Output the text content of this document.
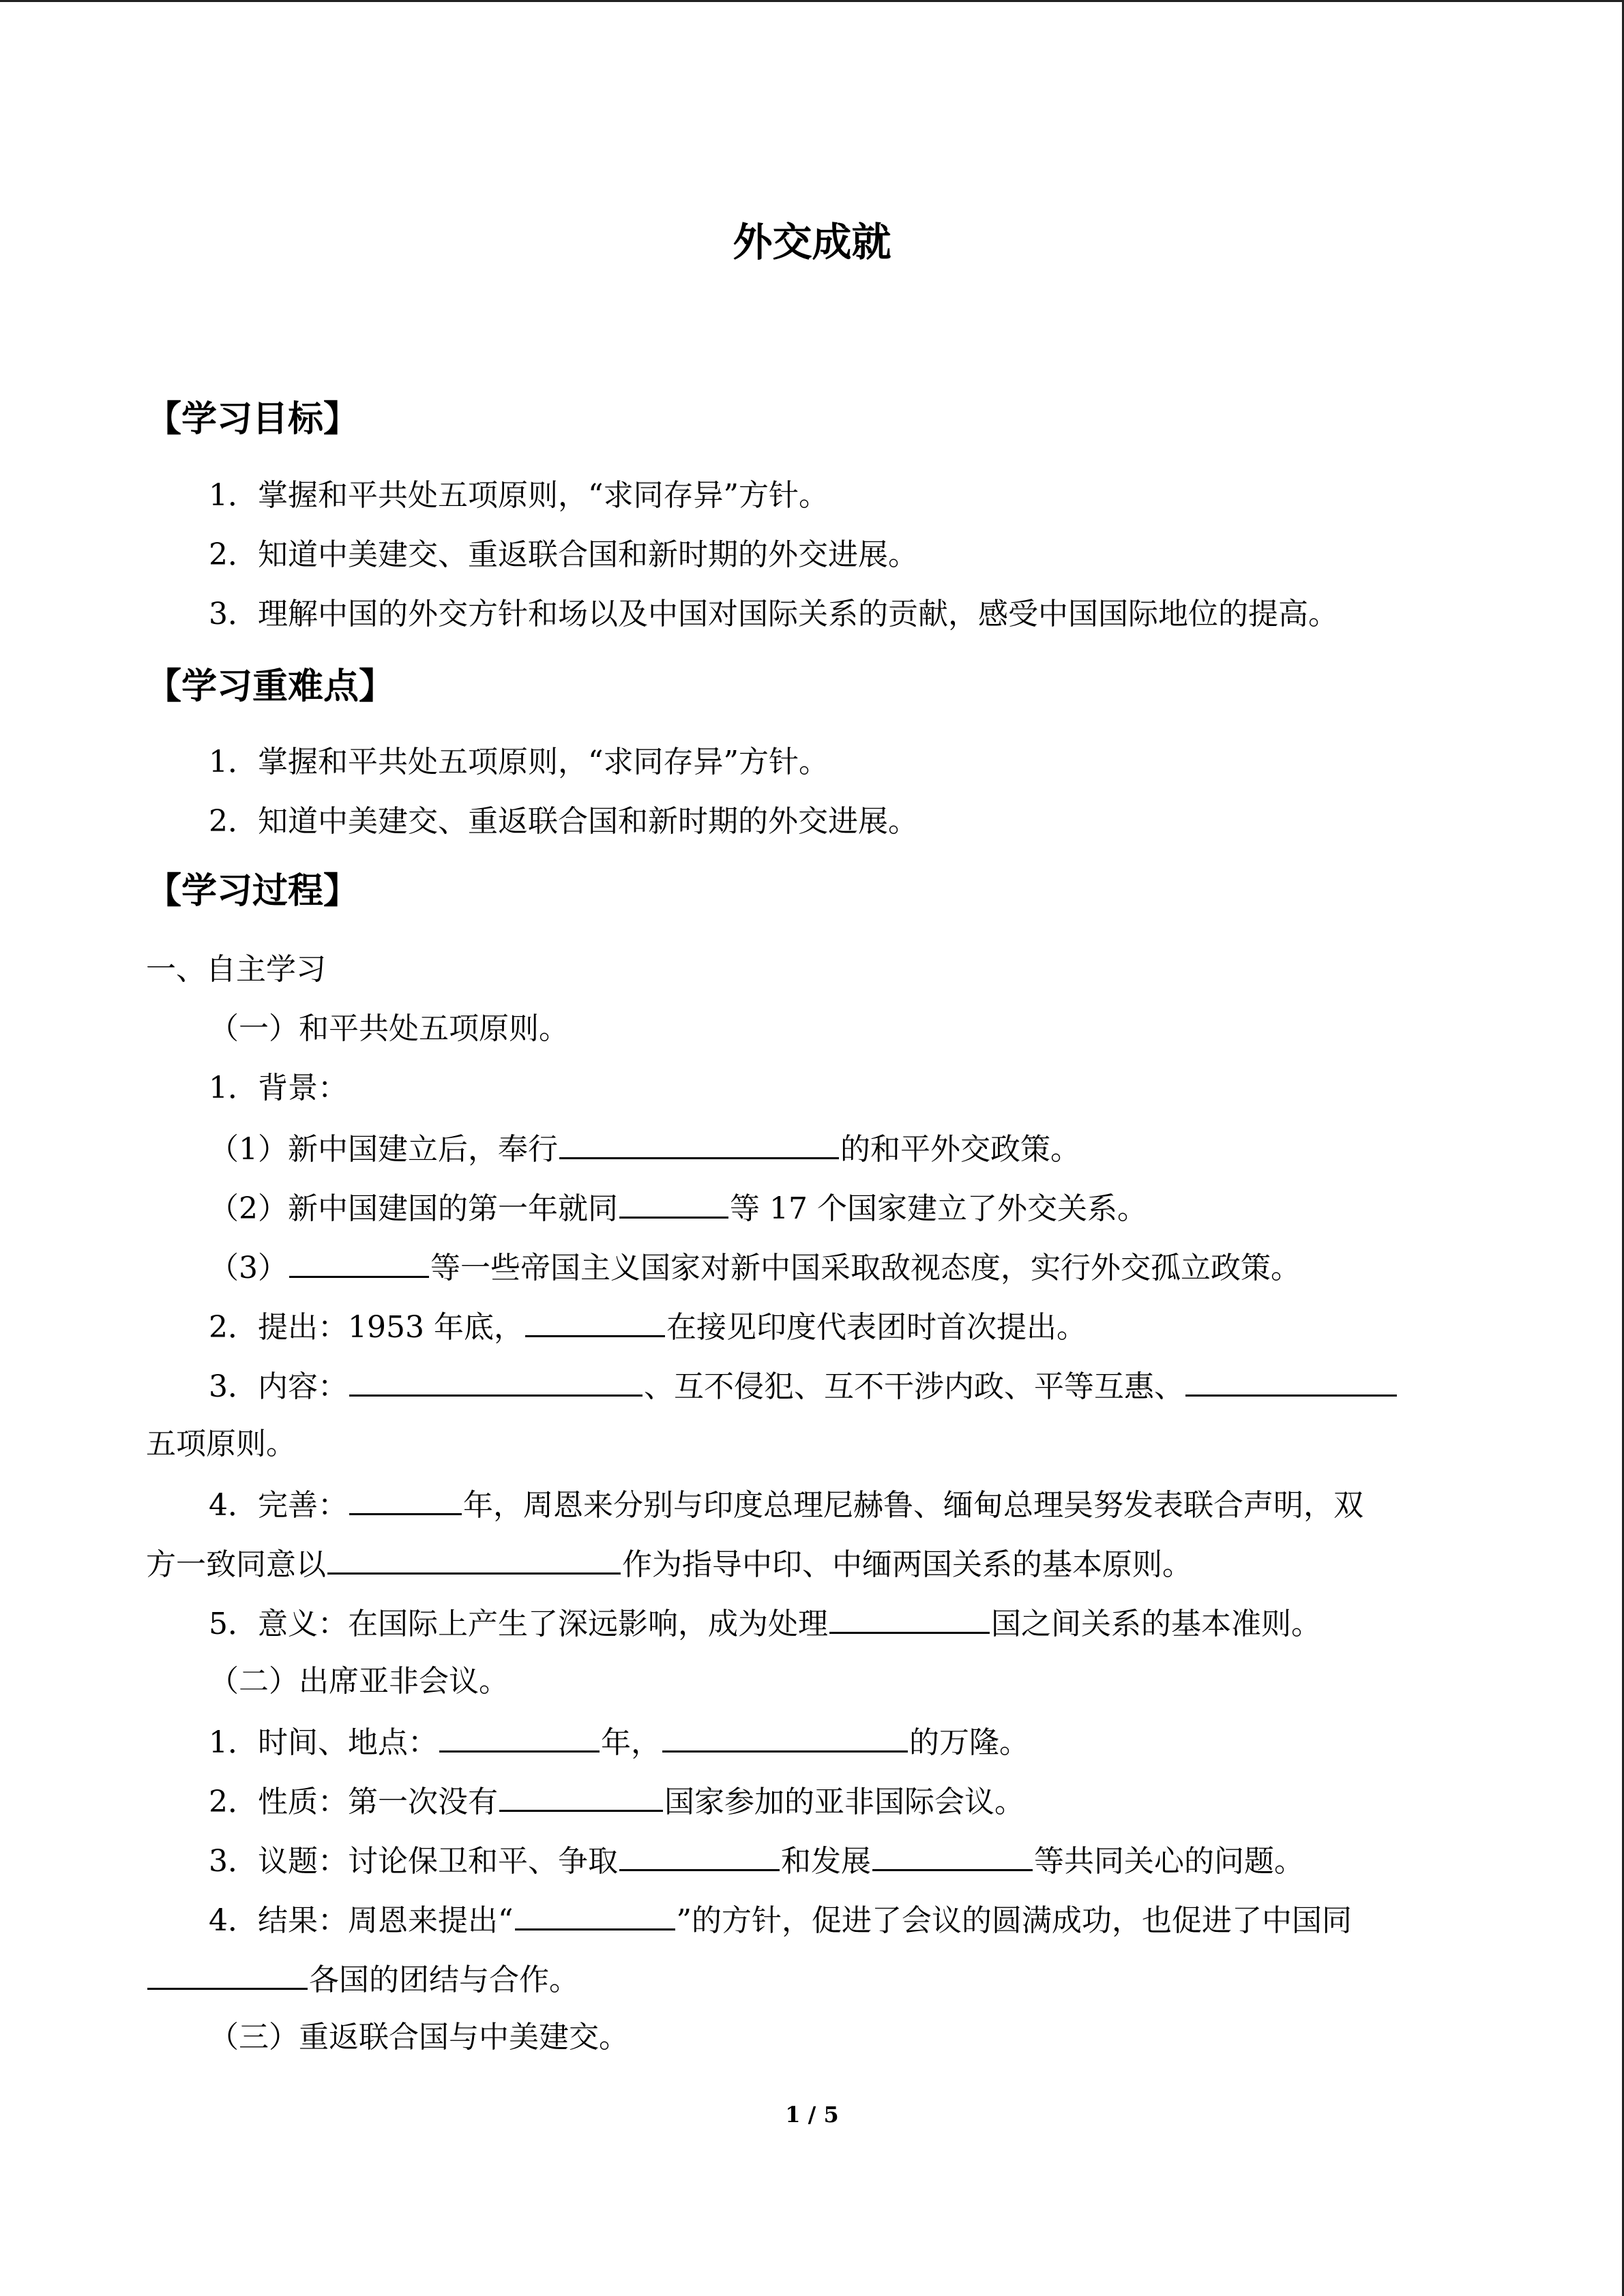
外交成就
【学习目标】
1．掌握和平共处五项原则，“求同存异”方针。
2．知道中美建交、重返联合国和新时期的外交进展。
3．理解中国的外交方针和场以及中国对国际关系的贡献，感受中国国际地位的提高。
【学习重难点】
1．掌握和平共处五项原则，“求同存异”方针。
2．知道中美建交、重返联合国和新时期的外交进展。
【学习过程】
一、自主学习
（一）和平共处五项原则。
1．背景：
（1）新中国建立后，奉行	的和平外交政策。
（2）新中国建国的第一年就同	等 17 个国家建立了外交关系。
（3）	等一些帝国主义国家对新中国采取敌视态度，实行外交孤立政策。
2．提出：1953 年底，	在接见印度代表团时首次提出。
3．内容：	、互不侵犯、互不干涉内政、平等互惠、
五项原则。
4．完善：	年，周恩来分别与印度总理尼赫鲁、缅甸总理吴努发表联合声明，双
方一致同意以	作为指导中印、中缅两国关系的基本原则。
5．意义：在国际上产生了深远影响，成为处理	国之间关系的基本准则。
（二）出席亚非会议。
1．时间、地点：	年，	的万隆。
2．性质：第一次没有	国家参加的亚非国际会议。
3．议题：讨论保卫和平、争取	和发展	等共同关心的问题。
4．结果：周恩来提出“	”的方针，促进了会议的圆满成功，也促进了中国同
各国的团结与合作。
（三）重返联合国与中美建交。
1 / 5
